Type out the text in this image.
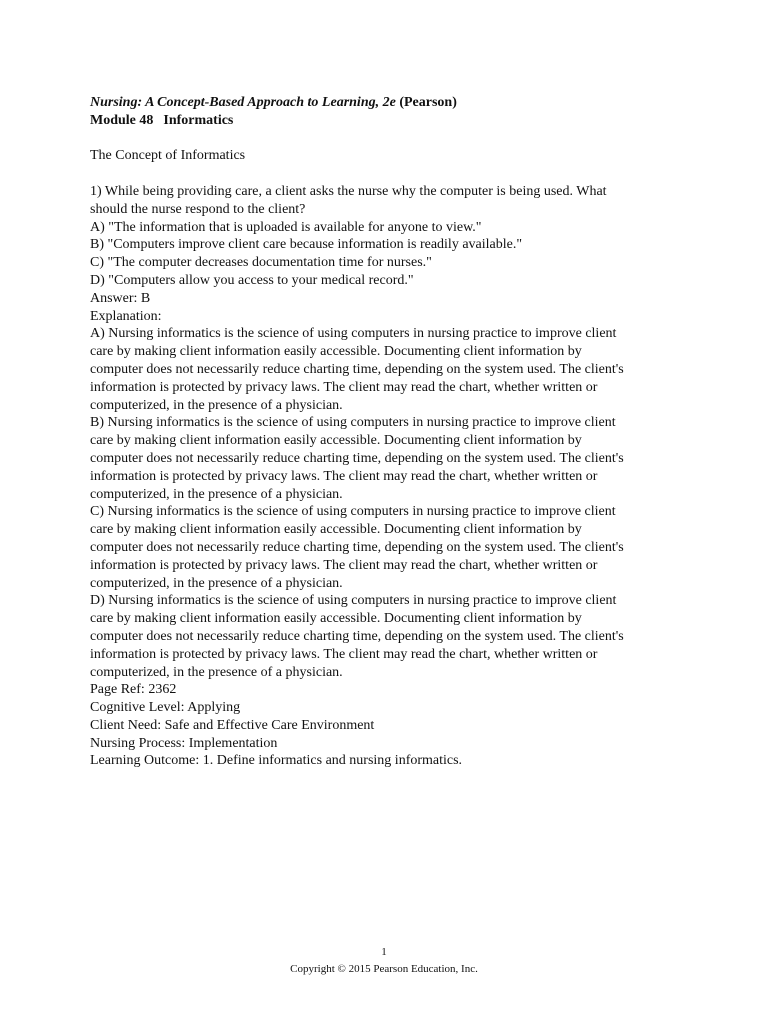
Nursing: A Concept-Based Approach to Learning, 2e (Pearson)
Module 48 Informatics
The Concept of Informatics
1) While being providing care, a client asks the nurse why the computer is being used. What
should the nurse respond to the client?
A) "The information that is uploaded is available for anyone to view."
B) "Computers improve client care because information is readily available."
C) "The computer decreases documentation time for nurses."
D) "Computers allow you access to your medical record."
Answer: B
Explanation:
A) Nursing informatics is the science of using computers in nursing practice to improve client
care by making client information easily accessible. Documenting client information by
computer does not necessarily reduce charting time, depending on the system used. The client's
information is protected by privacy laws. The client may read the chart, whether written or
computerized, in the presence of a physician.
B) Nursing informatics is the science of using computers in nursing practice to improve client
care by making client information easily accessible. Documenting client information by
computer does not necessarily reduce charting time, depending on the system used. The client's
information is protected by privacy laws. The client may read the chart, whether written or
computerized, in the presence of a physician.
C) Nursing informatics is the science of using computers in nursing practice to improve client
care by making client information easily accessible. Documenting client information by
computer does not necessarily reduce charting time, depending on the system used. The client's
information is protected by privacy laws. The client may read the chart, whether written or
computerized, in the presence of a physician.
D) Nursing informatics is the science of using computers in nursing practice to improve client
care by making client information easily accessible. Documenting client information by
computer does not necessarily reduce charting time, depending on the system used. The client's
information is protected by privacy laws. The client may read the chart, whether written or
computerized, in the presence of a physician.
Page Ref: 2362
Cognitive Level: Applying
Client Need: Safe and Effective Care Environment
Nursing Process: Implementation
Learning Outcome: 1. Define informatics and nursing informatics.
1
Copyright © 2015 Pearson Education, Inc.
